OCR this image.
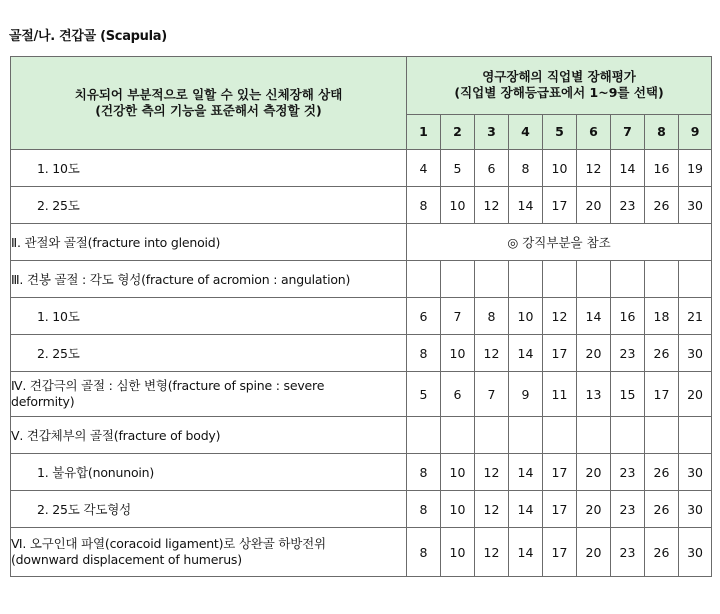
골절/나. 견갑골 (Scapula)
치유되어 부분적으로 일할 수 있는 신체장해 상태
(건강한 측의 기능을 표준해서 측정할 것)	영구장해의 직업별 장해평가
(직업별 장해등급표에서 1~9를 선택)								

	1	2	3	4	5	6	7	8	9
1. 10도	4	5	6	8	10	12	14	16	19
2. 25도	8	10	12	14	17	20	23	26	30
Ⅱ. 관절와 골절(fracture into glenoid)	◎ 강직부분을 참조								
Ⅲ. 견봉 골절 : 각도 형성(fracture of acromion : angulation)									
1. 10도	6	7	8	10	12	14	16	18	21
2. 25도	8	10	12	14	17	20	23	26	30

Ⅳ. 견갑극의 골절 : 심한 변형(fracture of spine : severe
deformity)	5	6	7	9	11	13	15	17	20
Ⅴ. 견갑체부의 골절(fracture of body)									
1. 불유합(nonunoin)	8	10	12	14	17	20	23	26	30
2. 25도 각도형성	8	10	12	14	17	20	23	26	30

Ⅵ. 오구인대 파열(coracoid ligament)로 상완골 하방전위
(downward displacement of humerus)	8	10	12	14	17	20	23	26	30
